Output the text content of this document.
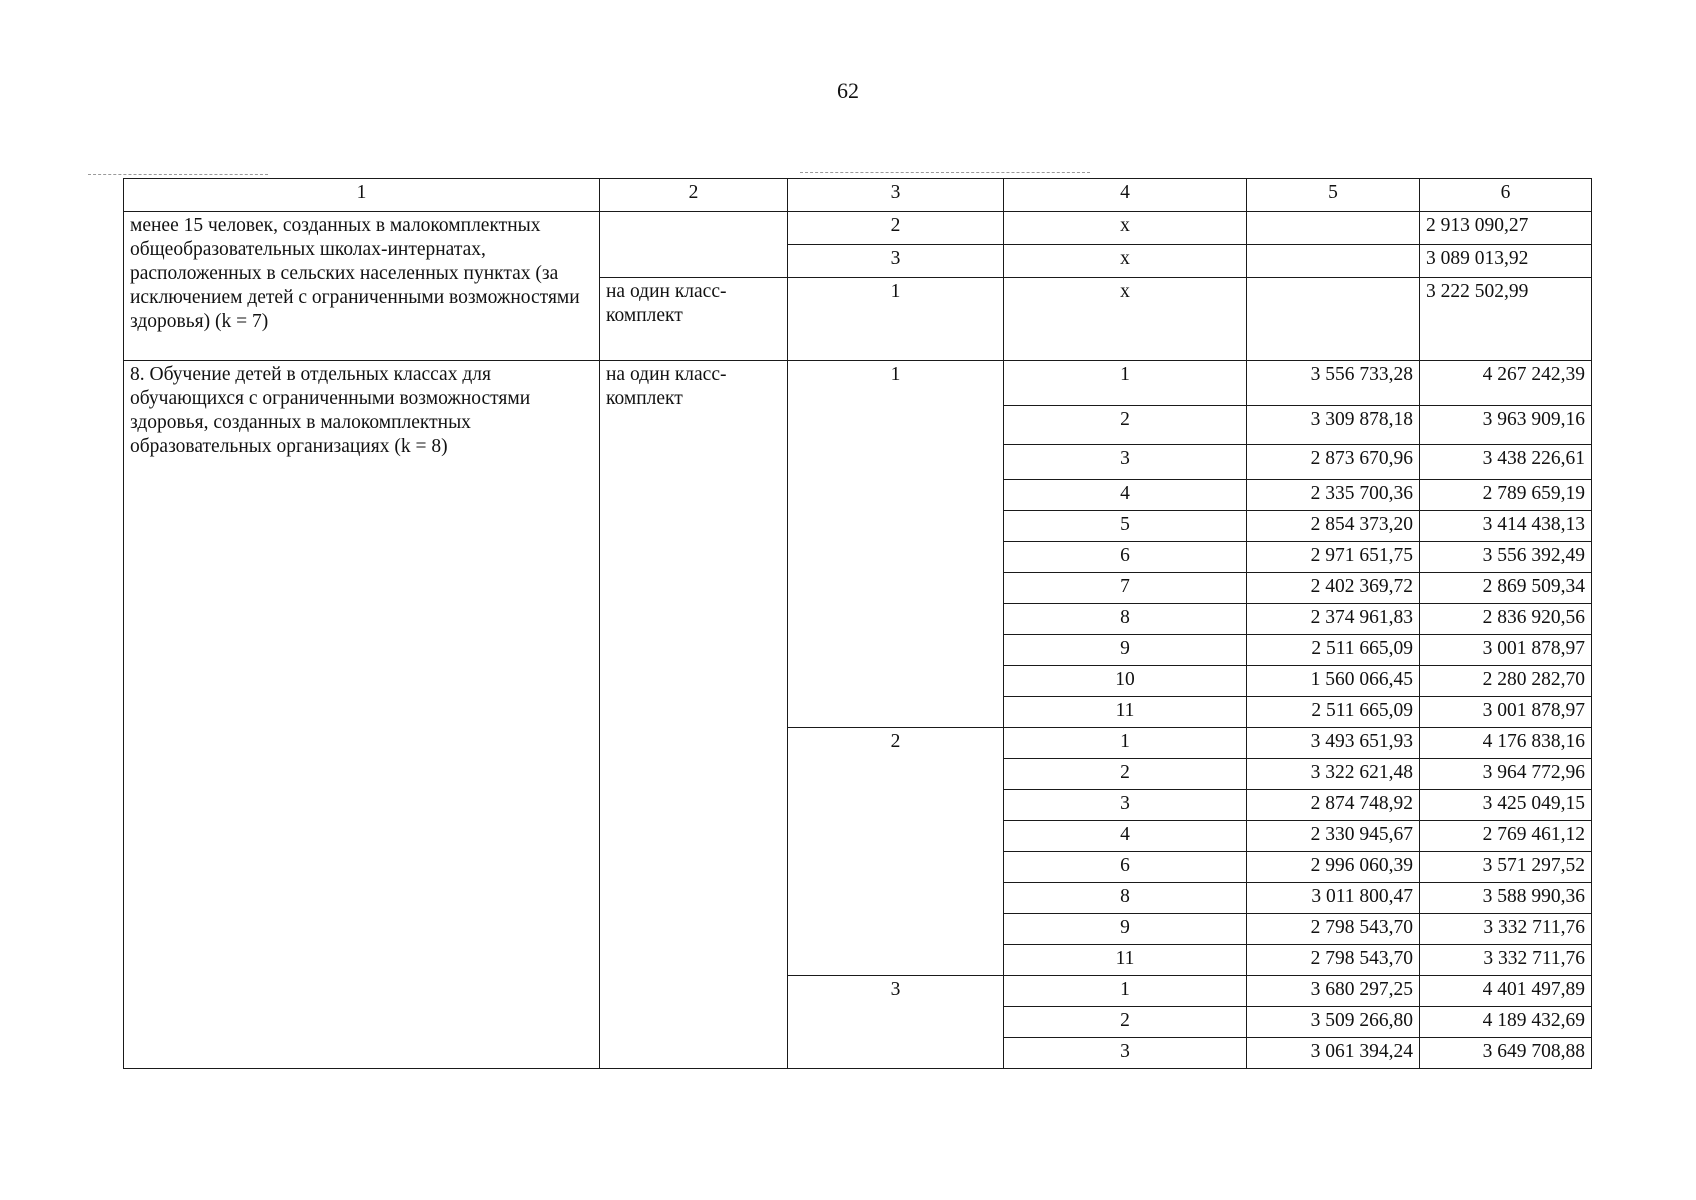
62
1	2	3	4	5	6
менее 15 человек, созданных в малокомплектных общеобразовательных школах-интернатах, расположенных в сельских населенных пунктах (за исключением детей с ограниченными возможностями здоровья) (k = 7)		2	x		2 913 090,27
		3	x		3 089 013,92
	на один класс-комплект	1	x		3 222 502,99
8. Обучение детей в отдельных классах для обучающихся с ограниченными возможностями здоровья, созданных в малокомплектных образовательных организациях (k = 8)	на один класс-комплект	1	1	3 556 733,28	4 267 242,39
			2	3 309 878,18	3 963 909,16
			3	2 873 670,96	3 438 226,61
			4	2 335 700,36	2 789 659,19
			5	2 854 373,20	3 414 438,13
			6	2 971 651,75	3 556 392,49
			7	2 402 369,72	2 869 509,34
			8	2 374 961,83	2 836 920,56
			9	2 511 665,09	3 001 878,97
			10	1 560 066,45	2 280 282,70
			11	2 511 665,09	3 001 878,97
		2	1	3 493 651,93	4 176 838,16
			2	3 322 621,48	3 964 772,96
			3	2 874 748,92	3 425 049,15
			4	2 330 945,67	2 769 461,12
			6	2 996 060,39	3 571 297,52
			8	3 011 800,47	3 588 990,36
			9	2 798 543,70	3 332 711,76
			11	2 798 543,70	3 332 711,76
		3	1	3 680 297,25	4 401 497,89
			2	3 509 266,80	4 189 432,69
			3	3 061 394,24	3 649 708,88
